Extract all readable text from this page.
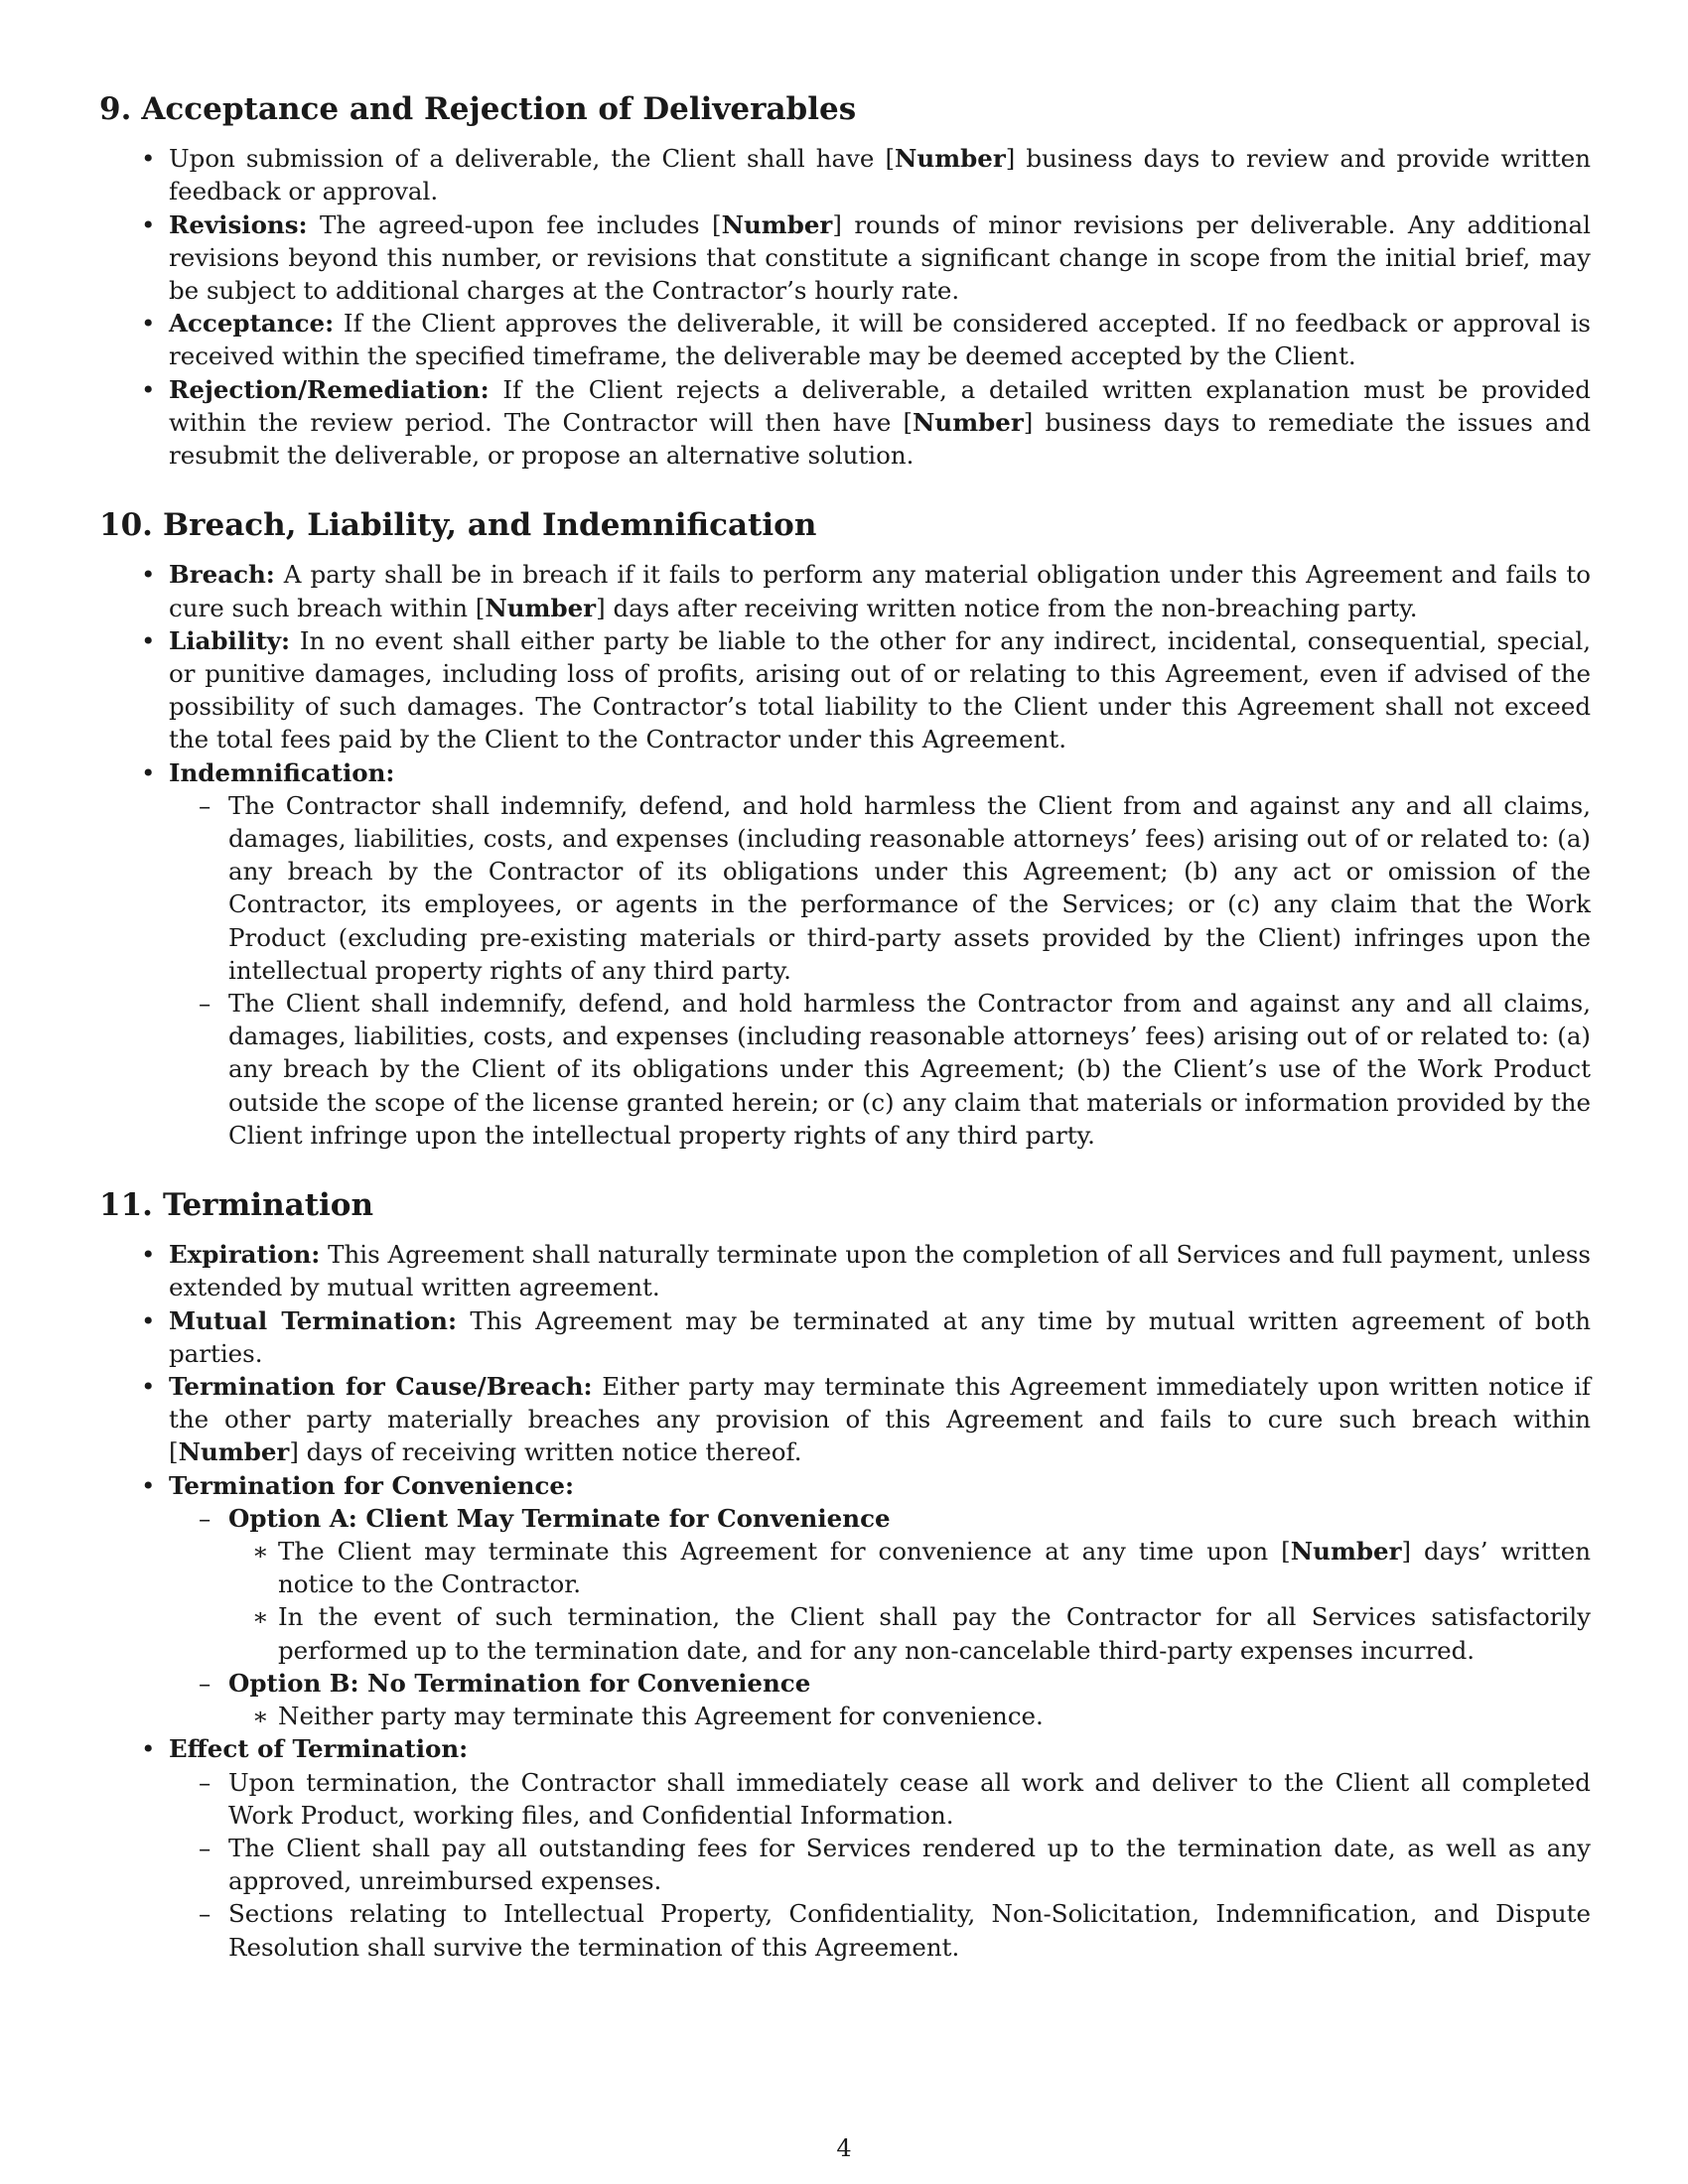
9. Acceptance and Rejection of Deliverables
• Upon submission of a deliverable, the Client shall have [Number] business days to review and provide written feedback or approval.
• Revisions: The agreed-upon fee includes [Number] rounds of minor revisions per deliverable. Any additional revisions beyond this number, or revisions that constitute a significant change in scope from the initial brief, may be subject to additional charges at the Contractor’s hourly rate.
• Acceptance: If the Client approves the deliverable, it will be considered accepted. If no feedback or approval is received within the specified timeframe, the deliverable may be deemed accepted by the Client.
• Rejection/Remediation: If the Client rejects a deliverable, a detailed written explanation must be provided within the review period. The Contractor will then have [Number] business days to remediate the issues and resubmit the deliverable, or propose an alternative solution.
10. Breach, Liability, and Indemnification
• Breach: A party shall be in breach if it fails to perform any material obligation under this Agreement and fails to cure such breach within [Number] days after receiving written notice from the non-breaching party.
• Liability: In no event shall either party be liable to the other for any indirect, incidental, consequential, special, or punitive damages, including loss of profits, arising out of or relating to this Agreement, even if advised of the possibility of such damages. The Contractor’s total liability to the Client under this Agreement shall not exceed the total fees paid by the Client to the Contractor under this Agreement.
• Indemnification:
– The Contractor shall indemnify, defend, and hold harmless the Client from and against any and all claims, damages, liabilities, costs, and expenses (including reasonable attorneys’ fees) arising out of or related to: (a) any breach by the Contractor of its obligations under this Agreement; (b) any act or omission of the Contractor, its employees, or agents in the performance of the Services; or (c) any claim that the Work Product (excluding pre-existing materials or third-party assets provided by the Client) infringes upon the intellectual property rights of any third party.
– The Client shall indemnify, defend, and hold harmless the Contractor from and against any and all claims, damages, liabilities, costs, and expenses (including reasonable attorneys’ fees) arising out of or related to: (a) any breach by the Client of its obligations under this Agreement; (b) the Client’s use of the Work Product outside the scope of the license granted herein; or (c) any claim that materials or information provided by the Client infringe upon the intellectual property rights of any third party.
11. Termination
• Expiration: This Agreement shall naturally terminate upon the completion of all Services and full payment, unless extended by mutual written agreement.
• Mutual Termination: This Agreement may be terminated at any time by mutual written agreement of both parties.
• Termination for Cause/Breach: Either party may terminate this Agreement immediately upon written notice if the other party materially breaches any provision of this Agreement and fails to cure such breach within [Number] days of receiving written notice thereof.
• Termination for Convenience:
– Option A: Client May Terminate for Convenience
∗ The Client may terminate this Agreement for convenience at any time upon [Number] days’ written notice to the Contractor.
∗ In the event of such termination, the Client shall pay the Contractor for all Services satisfactorily performed up to the termination date, and for any non-cancelable third-party expenses incurred.
– Option B: No Termination for Convenience
∗ Neither party may terminate this Agreement for convenience.
• Effect of Termination:
– Upon termination, the Contractor shall immediately cease all work and deliver to the Client all completed Work Product, working files, and Confidential Information.
– The Client shall pay all outstanding fees for Services rendered up to the termination date, as well as any approved, unreimbursed expenses.
– Sections relating to Intellectual Property, Confidentiality, Non-Solicitation, Indemnification, and Dispute Resolution shall survive the termination of this Agreement.
4
